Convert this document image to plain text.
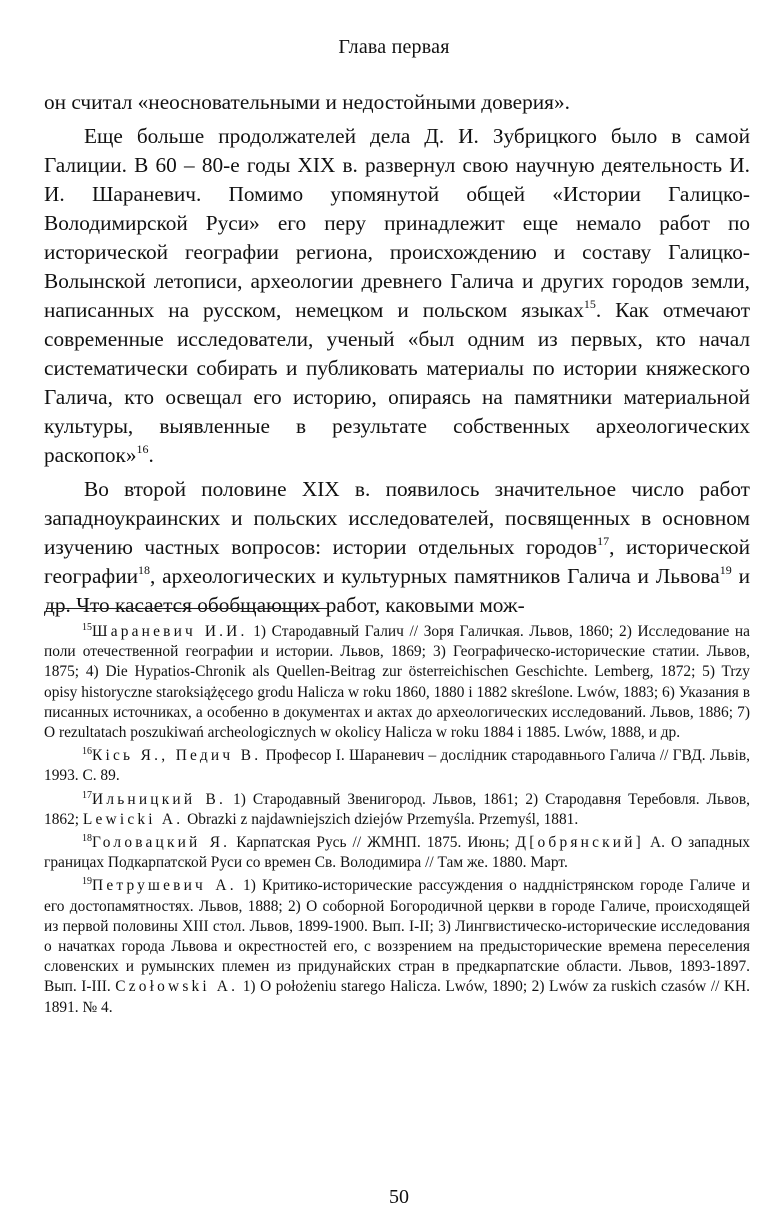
Глава первая

он считал «неосновательными и недостойными доверия».

Еще больше продолжателей дела Д. И. Зубрицкого было в самой Галиции. В 60 – 80-е годы XIX в. развернул свою научную деятельность И. И. Шараневич. Помимо упомянутой общей «Истории Галицко-Володимирской Руси» его перу принадлежит еще немало работ по исторической географии региона, происхождению и составу Галицко-Волынской летописи, археологии древнего Галича и других городов земли, написанных на русском, немецком и польском языках$^{15}$. Как отмечают современные исследователи, ученый «был одним из первых, кто начал систематически собирать и публиковать материалы по истории княжеского Галича, кто освещал его историю, опираясь на памятники материальной культуры, выявленные в результате собственных археологических раскопок»$^{16}$.

Во второй половине XIX в. появилось значительное число работ западноукраинских и польских исследователей, посвященных в основном изучению частных вопросов: истории отдельных городов$^{17}$, исторической географии$^{18}$, археологических и культурных памятников Галича и Львова$^{19}$ и др. Что касается обобщающих работ, каковыми мож-

$^{15}$Шараневич И.И. 1) Стародавный Галич // Зоря Галичкая. Львов, 1860; 2) Исследование на поли отечественной географии и истории. Львов, 1869; 3) Географическо-исторические статии. Львов, 1875; 4) Die Hypatios-Chronik als Quellen-Beitrag zur österreichischen Geschichte. Lemberg, 1872; 5) Trzy opisy historyczne staroksiążęcego grodu Halicza w roku 1860, 1880 i 1882 skreślone. Lwów, 1883; 6) Указания в писанных источниках, а особенно в документах и актах до археологических исследований. Львов, 1886; 7) O rezultatach poszukiwań archeologicznych w okolicy Halicza w roku 1884 i 1885. Lwów, 1888, и др.

$^{16}$Кісь Я., Педич В. Професор І. Шараневич – дослідник стародавнього Галича // ГВД. Львів, 1993. С. 89.

$^{17}$Ильницкий В. 1) Стародавный Звенигород. Львов, 1861; 2) Стародавня Теребовля. Львов, 1862; Lewicki A. Obrazki z najdawniejszich dziejów Przemyśla. Przemyśl, 1881.

$^{18}$Головацкий Я. Карпатская Русь // ЖМНП. 1875. Июнь; Д[обрянский] А. О западных границах Подкарпатской Руси со времен Св. Володимира // Там же. 1880. Март.

$^{19}$Петрушевич А. 1) Критико-исторические рассуждения о наддністрянском городе Галиче и его достопамятностях. Львов, 1888; 2) О соборной Богородичной церкви в городе Галиче, происходящей из первой половины XIII стол. Львов, 1899-1900. Вып. I-II; 3) Лингвистическо-исторические исследования о начатках города Львова и окрестностей его, с воззрением на предысторические времена переселения словенских и румынских племен из придунайских стран в предкарпатские области. Львов, 1893-1897. Вып. I-III. Czołowski A. 1) O położeniu starego Halicza. Lwów, 1890; 2) Lwów za ruskich czasów // KH. 1891. № 4.

50
